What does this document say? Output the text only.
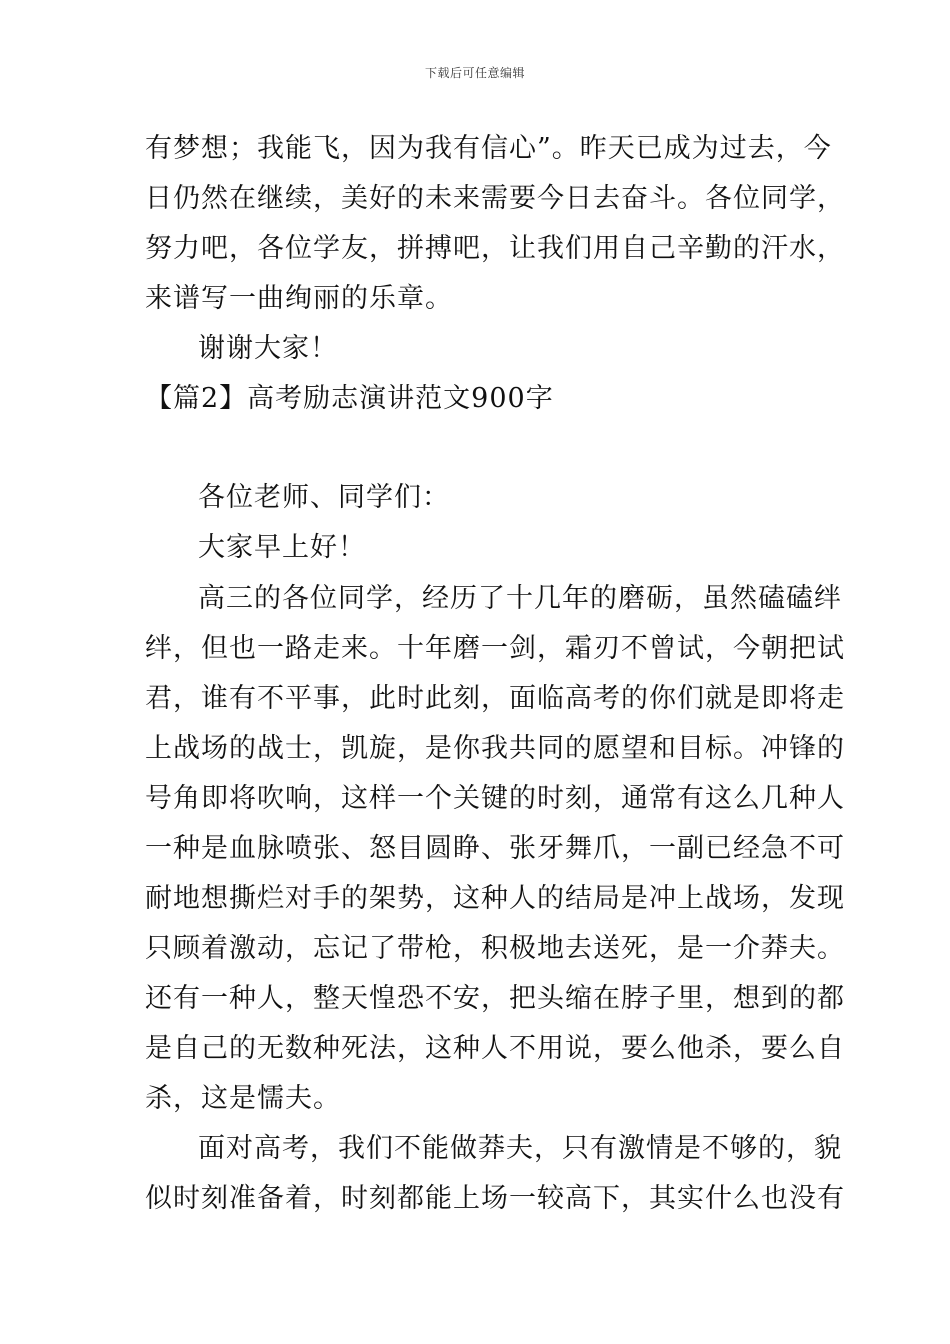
下载后可任意编辑
有梦想；我能飞，因为我有信心”。昨天已成为过去，今
日仍然在继续，美好的未来需要今日去奋斗。各位同学，
努力吧，各位学友，拼搏吧，让我们用自己辛勤的汗水，
来谱写一曲绚丽的乐章。
谢谢大家！
【篇2】高考励志演讲范文900字
各位老师、同学们：
大家早上好！
高三的各位同学，经历了十几年的磨砺，虽然磕磕绊
绊，但也一路走来。十年磨一剑，霜刃不曾试，今朝把试
君，谁有不平事，此时此刻，面临高考的你们就是即将走
上战场的战士，凯旋，是你我共同的愿望和目标。冲锋的
号角即将吹响，这样一个关键的时刻，通常有这么几种人
一种是血脉喷张、怒目圆睁、张牙舞爪，一副已经急不可
耐地想撕烂对手的架势，这种人的结局是冲上战场，发现
只顾着激动，忘记了带枪，积极地去送死，是一介莽夫。
还有一种人，整天惶恐不安，把头缩在脖子里，想到的都
是自己的无数种死法，这种人不用说，要么他杀，要么自
杀，这是懦夫。
面对高考，我们不能做莽夫，只有激情是不够的，貌
似时刻准备着，时刻都能上场一较高下，其实什么也没有
